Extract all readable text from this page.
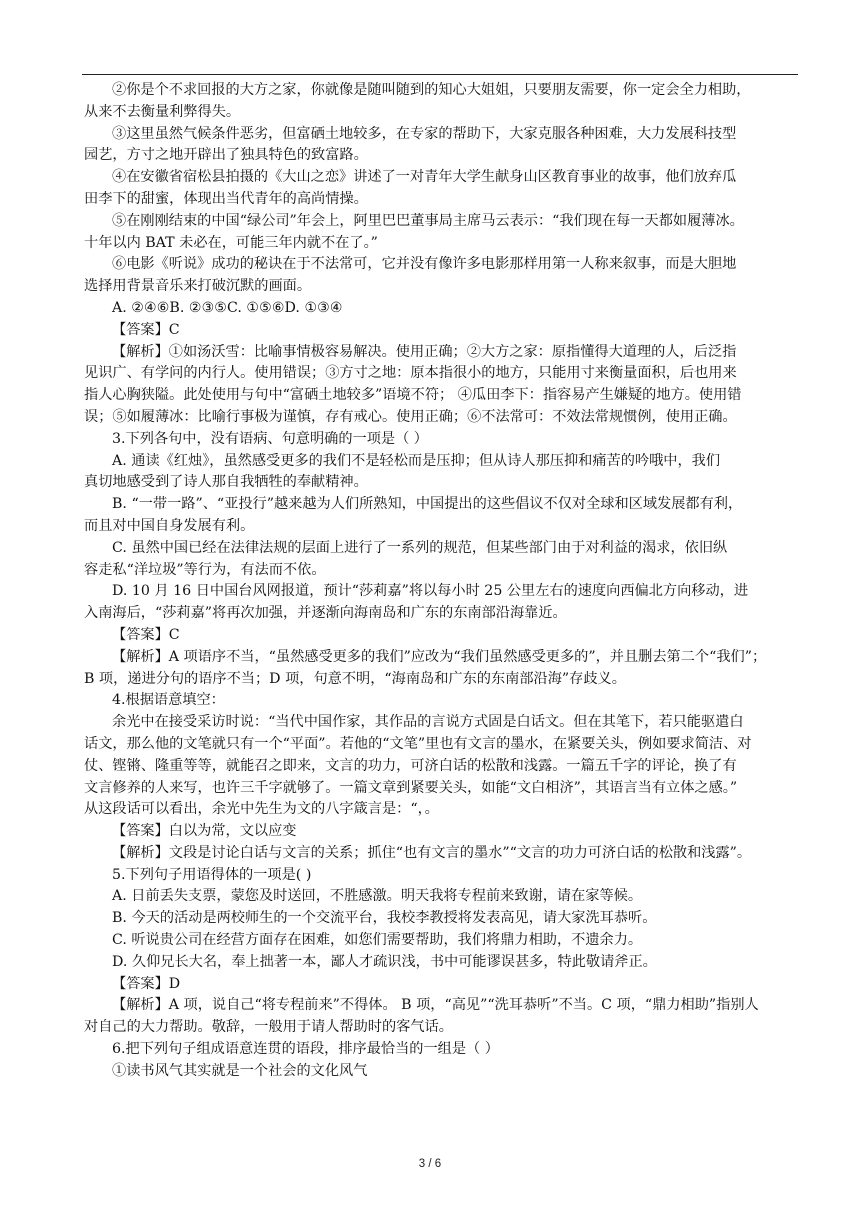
②你是个不求回报的大方之家，你就像是随叫随到的知心大姐姐，只要朋友需要，你一定会全力相助，
从来不去衡量利弊得失。
③这里虽然气候条件恶劣，但富硒土地较多，在专家的帮助下，大家克服各种困难，大力发展科技型
园艺，方寸之地开辟出了独具特色的致富路。
④在安徽省宿松县拍摄的《大山之恋》讲述了一对青年大学生献身山区教育事业的故事，他们放弃瓜
田李下的甜蜜，体现出当代青年的高尚情操。
⑤在刚刚结束的中国“绿公司”年会上，阿里巴巴董事局主席马云表示：“我们现在每一天都如履薄冰。
十年以内 BAT 未必在，可能三年内就不在了。”
⑥电影《听说》成功的秘诀在于不法常可，它并没有像许多电影那样用第一人称来叙事，而是大胆地
选择用背景音乐来打破沉默的画面。
A. ②④⑥B. ②③⑤C. ①⑤⑥D. ①③④
【答案】C
【解析】①如汤沃雪：比喻事情极容易解决。使用正确；②大方之家：原指懂得大道理的人，后泛指
见识广、有学问的内行人。使用错误；③方寸之地：原本指很小的地方，只能用寸来衡量面积，后也用来
指人心胸狭隘。此处使用与句中“富硒土地较多”语境不符； ④瓜田李下：指容易产生嫌疑的地方。使用错
误；⑤如履薄冰：比喻行事极为谨慎，存有戒心。使用正确；⑥不法常可：不效法常规惯例，使用正确。
3.下列各句中，没有语病、句意明确的一项是（ ）
A. 通读《红烛》，虽然感受更多的我们不是轻松而是压抑；但从诗人那压抑和痛苦的吟哦中，我们
真切地感受到了诗人那自我牺牲的奉献精神。
B. “一带一路”、“亚投行”越来越为人们所熟知，中国提出的这些倡议不仅对全球和区域发展都有利，
而且对中国自身发展有利。
C. 虽然中国已经在法律法规的层面上进行了一系列的规范，但某些部门由于对利益的渴求，依旧纵
容走私“洋垃圾”等行为，有法而不依。
D. 10 月 16 日中国台风网报道，预计“莎莉嘉”将以每小时 25 公里左右的速度向西偏北方向移动，进
入南海后，“莎莉嘉”将再次加强，并逐渐向海南岛和广东的东南部沿海靠近。
【答案】C
【解析】A 项语序不当，“虽然感受更多的我们”应改为“我们虽然感受更多的”，并且删去第二个“我们”；
B 项，递进分句的语序不当；D 项，句意不明，“海南岛和广东的东南部沿海”存歧义。
4.根据语意填空：
余光中在接受采访时说：“当代中国作家，其作品的言说方式固是白话文。但在其笔下，若只能驱遣白
话文，那么他的文笔就只有一个“平面”。若他的“文笔”里也有文言的墨水，在紧要关头，例如要求简洁、对
仗、铿锵、隆重等等，就能召之即来，文言的功力，可济白话的松散和浅露。一篇五千字的评论，换了有
文言修养的人来写，也许三千字就够了。一篇文章到紧要关头，如能“文白相济”，其语言当有立体之感。”
从这段话可以看出，余光中先生为文的八字箴言是：“，。
【答案】白以为常，文以应变
【解析】文段是讨论白话与文言的关系；抓住“也有文言的墨水”“文言的功力可济白话的松散和浅露”。
5.下列句子用语得体的一项是( )
A. 日前丢失支票，蒙您及时送回，不胜感激。明天我将专程前来致谢，请在家等候。
B. 今天的活动是两校师生的一个交流平台，我校李教授将发表高见，请大家洗耳恭听。
C. 听说贵公司在经营方面存在困难，如您们需要帮助，我们将鼎力相助，不遗余力。
D. 久仰兄长大名，奉上拙著一本，鄙人才疏识浅，书中可能谬误甚多，特此敬请斧正。
【答案】D
【解析】A 项，说自己“将专程前来”不得体。 B 项，“高见”“洗耳恭听”不当。C 项，“鼎力相助”指别人
对自己的大力帮助。敬辞，一般用于请人帮助时的客气话。
6.把下列句子组成语意连贯的语段，排序最恰当的一组是（ ）
①读书风气其实就是一个社会的文化风气
3 / 6
